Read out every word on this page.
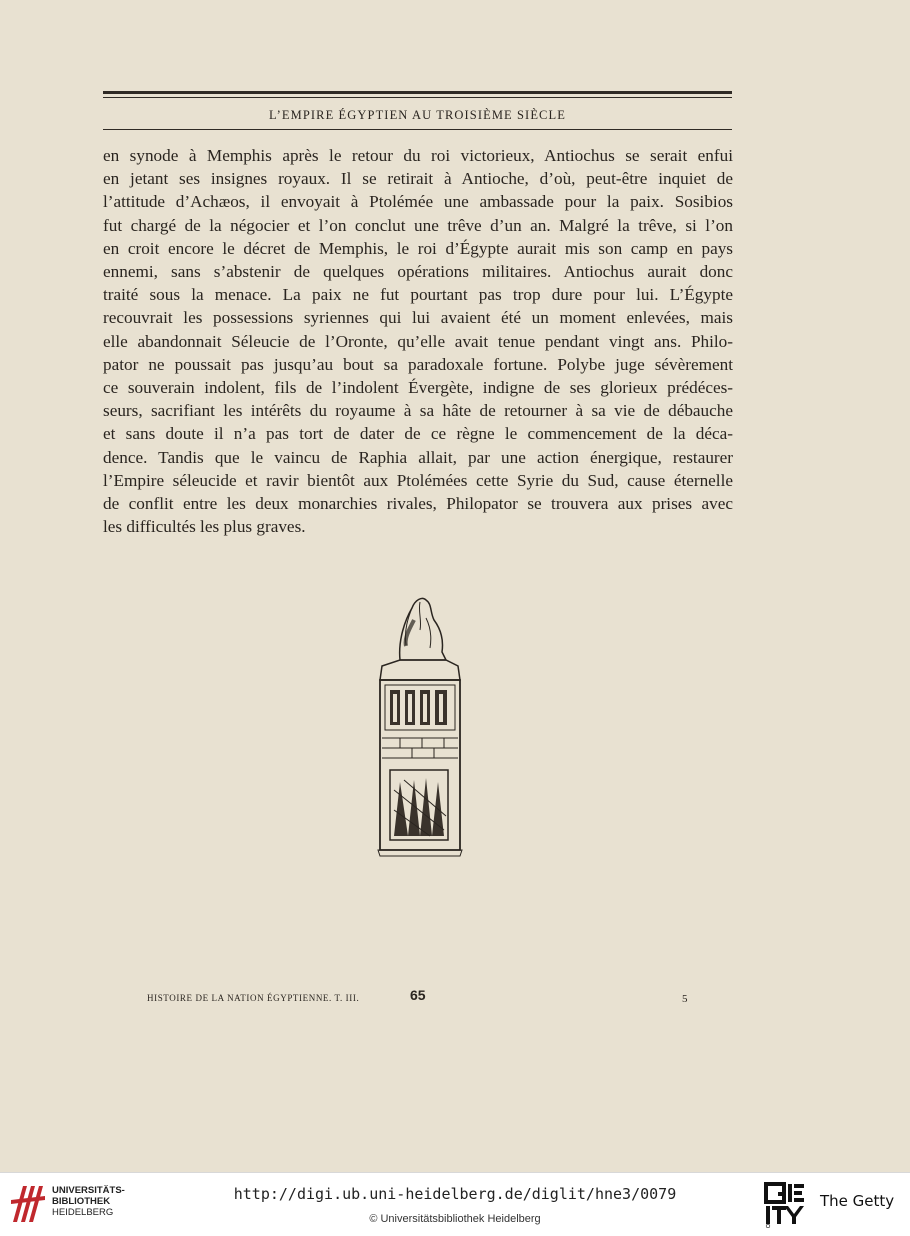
L’EMPIRE ÉGYPTIEN AU TROISIÈME SIÈCLE
en synode à Memphis après le retour du roi victorieux, Antiochus se serait enfui
en jetant ses insignes royaux. Il se retirait à Antioche, d’où, peut-être inquiet de
l’attitude d’Achæos, il envoyait à Ptolémée une ambassade pour la paix. Sosibios
fut chargé de la négocier et l’on conclut une trêve d’un an. Malgré la trêve, si l’on
en croit encore le décret de Memphis, le roi d’Égypte aurait mis son camp en pays
ennemi, sans s’abstenir de quelques opérations militaires. Antiochus aurait donc
traité sous la menace. La paix ne fut pourtant pas trop dure pour lui. L’Égypte
recouvrait les possessions syriennes qui lui avaient été un moment enlevées, mais
elle abandonnait Séleucie de l’Oronte, qu’elle avait tenue pendant vingt ans. Philo-
pator ne poussait pas jusqu’au bout sa paradoxale fortune. Polybe juge sévèrement
ce souverain indolent, fils de l’indolent Évergète, indigne de ses glorieux prédéces-
seurs, sacrifiant les intérêts du royaume à sa hâte de retourner à sa vie de débauche
et sans doute il n’a pas tort de dater de ce règne le commencement de la déca-
dence. Tandis que le vaincu de Raphia allait, par une action énergique, restaurer
l’Empire séleucide et ravir bientôt aux Ptolémées cette Syrie du Sud, cause éternelle
de conflit entre les deux monarchies rivales, Philopator se trouvera aux prises avec
les difficultés les plus graves.
HISTOIRE DE LA NATION ÉGYPTIENNE. T. III.	65	5
UNIVERSITÄTS-
BIBLIOTHEK
HEIDELBERG
http://digi.ub.uni-heidelberg.de/diglit/hne3/0079
© Universitätsbibliothek Heidelberg
The Getty
